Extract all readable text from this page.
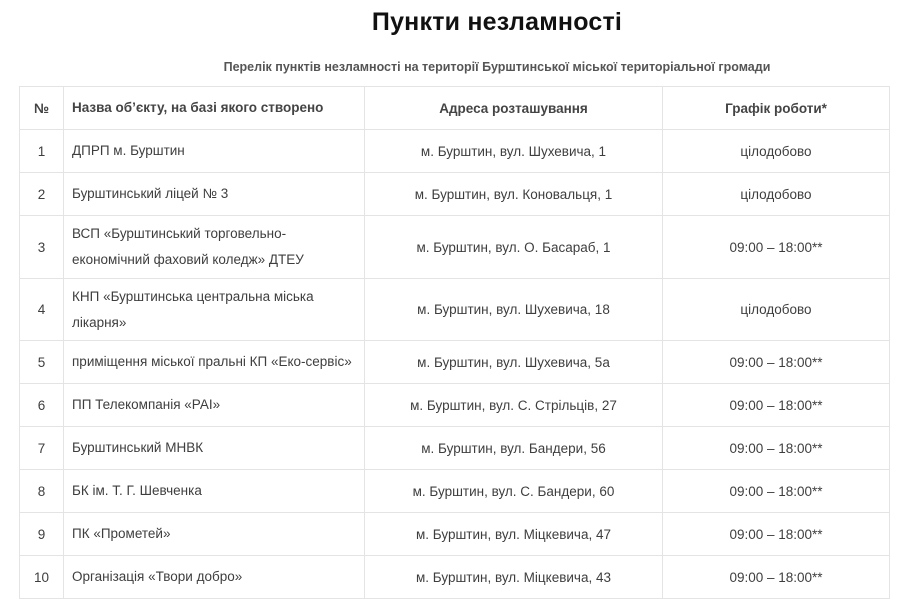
Пункти незламності
Перелік пунктів незламності на території Бурштинської міської територіальної громади
№	Назва об’єкту, на базі якого створено	Адреса розташування	Графік роботи*
1	ДПРП м. Бурштин	м. Бурштин, вул. Шухевича, 1	цілодобово
2	Бурштинський ліцей № 3	м. Бурштин, вул. Коновальця, 1	цілодобово
3	ВСП «Бурштинський торговельно-економічний фаховий коледж» ДТЕУ	м. Бурштин, вул. О. Басараб, 1	09:00 – 18:00**
4	КНП «Бурштинська центральна міська лікарня»	м. Бурштин, вул. Шухевича, 18	цілодобово
5	приміщення міської пральні КП «Еко-сервіс»	м. Бурштин, вул. Шухевича, 5а	09:00 – 18:00**
6	ПП Телекомпанія «РАІ»	м. Бурштин, вул. С. Стрільців, 27	09:00 – 18:00**
7	Бурштинський МНВК	м. Бурштин, вул. Бандери, 56	09:00 – 18:00**
8	БК ім. Т. Г. Шевченка	м. Бурштин, вул. С. Бандери, 60	09:00 – 18:00**
9	ПК «Прометей»	м. Бурштин, вул. Міцкевича, 47	09:00 – 18:00**
10	Організація «Твори добро»	м. Бурштин, вул. Міцкевича, 43	09:00 – 18:00**
